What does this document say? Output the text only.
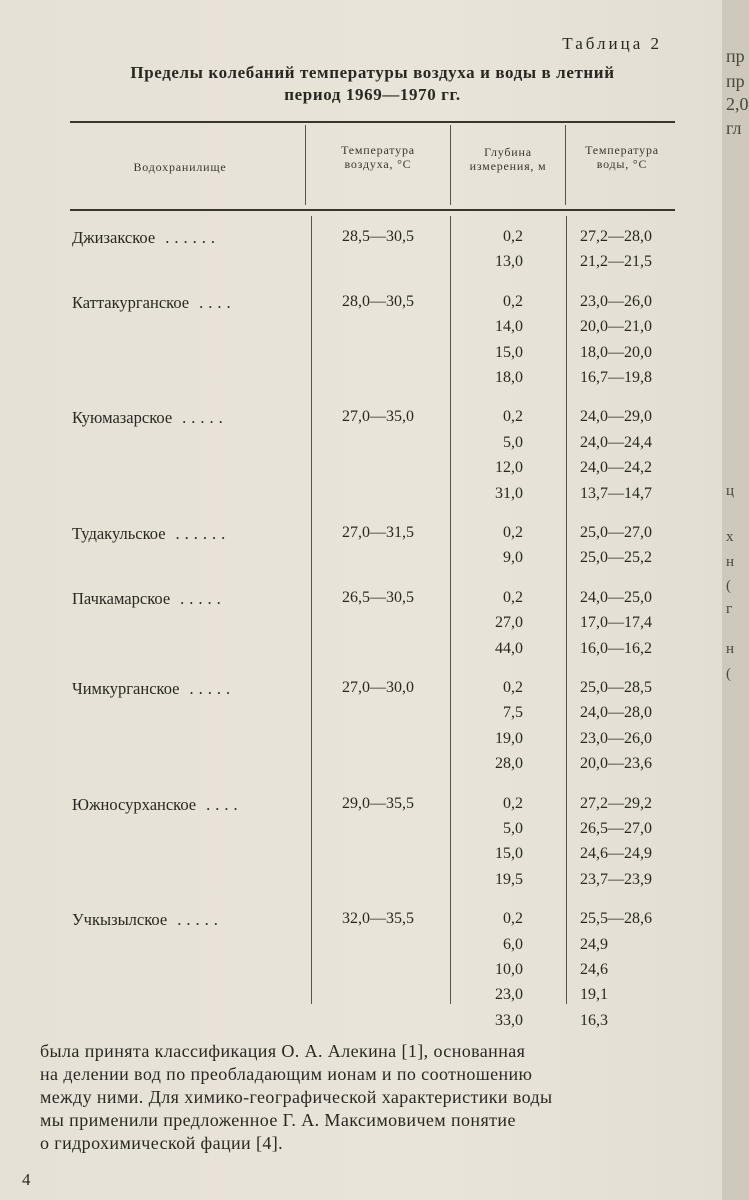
Таблица 2
Пределы колебаний температуры воздуха и воды в летний
период 1969—1970 гг.
Водохранилище
Температура воздуха, °С
Глубина измерения, м
Температура воды, °С
Джизакское ......	28,5—30,5	0,2	27,2—28,0
13,0	21,2—21,5
Каттакурганское ....	28,0—30,5	0,2	23,0—26,0
14,0	20,0—21,0
15,0	18,0—20,0
18,0	16,7—19,8
Куюмазарское .....	27,0—35,0	0,2	24,0—29,0
5,0	24,0—24,4
12,0	24,0—24,2
31,0	13,7—14,7
Тудакульское ......	27,0—31,5	0,2	25,0—27,0
9,0	25,0—25,2
Пачкамарское .....	26,5—30,5	0,2	24,0—25,0
27,0	17,0—17,4
44,0	16,0—16,2
Чимкурганское .....	27,0—30,0	0,2	25,0—28,5
7,5	24,0—28,0
19,0	23,0—26,0
28,0	20,0—23,6
Южносурханское ....	29,0—35,5	0,2	27,2—29,2
5,0	26,5—27,0
15,0	24,6—24,9
19,5	23,7—23,9
Учкызылское .....	32,0—35,5	0,2	25,5—28,6
6,0	24,9
10,0	24,6
23,0	19,1
33,0	16,3

была принята классификация О. А. Алекина [1], основанная

на делении вод по преобладающим ионам и по соотношению

между ними. Для химико-географической характеристики воды

мы применили предложенное Г. А. Максимовичем понятие

о гидрохимической фации [4].

4
пр
пр
2,0
гл
ц
х
н
(
г
н
(
